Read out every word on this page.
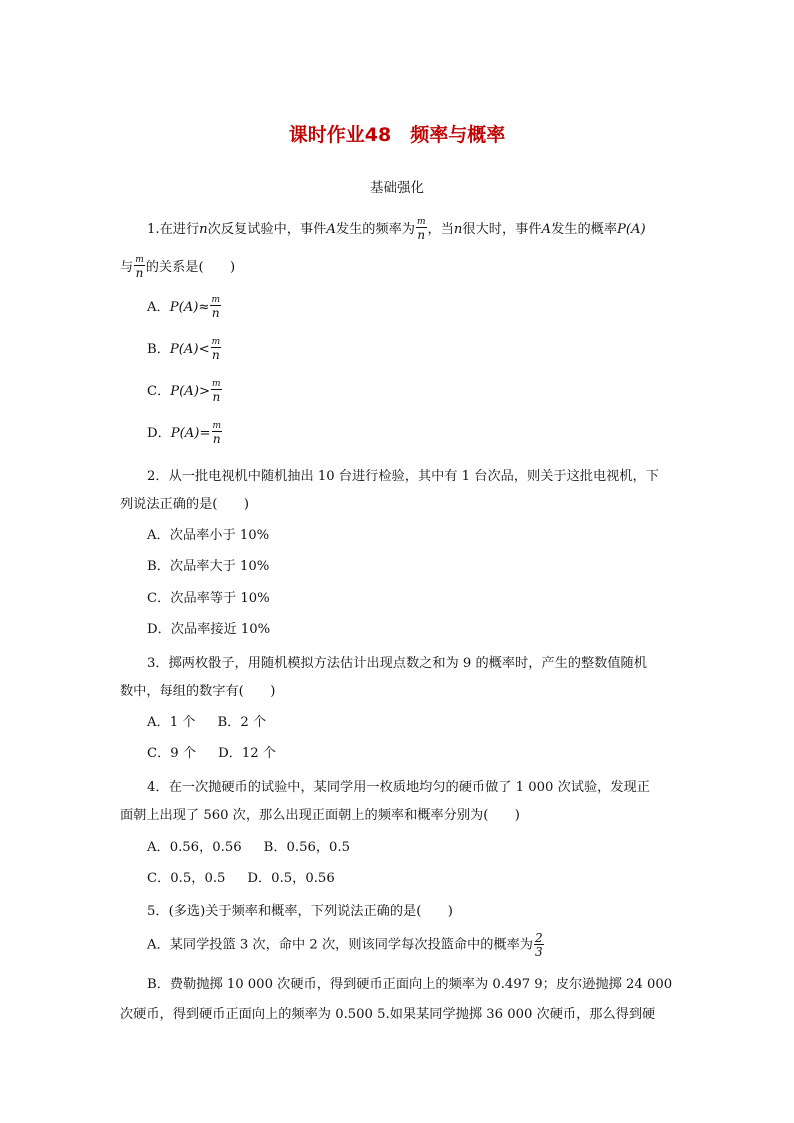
课时作业48　频率与概率
基础强化
1.在进行n次反复试验中，事件A发生的频率为 $\frac{m}{n}$ ，当n很大时，事件A发生的概率P(A)
与 $\frac{m}{n}$ 的关系是(　　)
A．$P(A)\approx \frac{m}{n}$
B．$P(A)< \frac{m}{n}$
C．$P(A)> \frac{m}{n}$
D．$P(A)= \frac{m}{n}$
2．从一批电视机中随机抽出 10 台进行检验，其中有 1 台次品，则关于这批电视机，下
列说法正确的是(　　)
A．次品率小于 10%
B．次品率大于 10%
C．次品率等于 10%
D．次品率接近 10%
3．掷两枚骰子，用随机模拟方法估计出现点数之和为 9 的概率时，产生的整数值随机
数中，每组的数字有(　　)
A．1 个 B．2 个
C．9 个 D．12 个
4．在一次抛硬币的试验中，某同学用一枚质地均匀的硬币做了 1 000 次试验，发现正
面朝上出现了 560 次，那么出现正面朝上的频率和概率分别为(　　)
A．0.56，0.56 B．0.56，0.5
C．0.5，0.5 D．0.5，0.56
5．(多选)关于频率和概率，下列说法正确的是(　　)
A．某同学投篮 3 次，命中 2 次，则该同学每次投篮命中的概率为 $\frac{2}{3}$
B．费勒抛掷 10 000 次硬币，得到硬币正面向上的频率为 0.497 9；皮尔逊抛掷 24 000
次硬币，得到硬币正面向上的频率为 0.500 5.如果某同学抛掷 36 000 次硬币，那么得到硬
